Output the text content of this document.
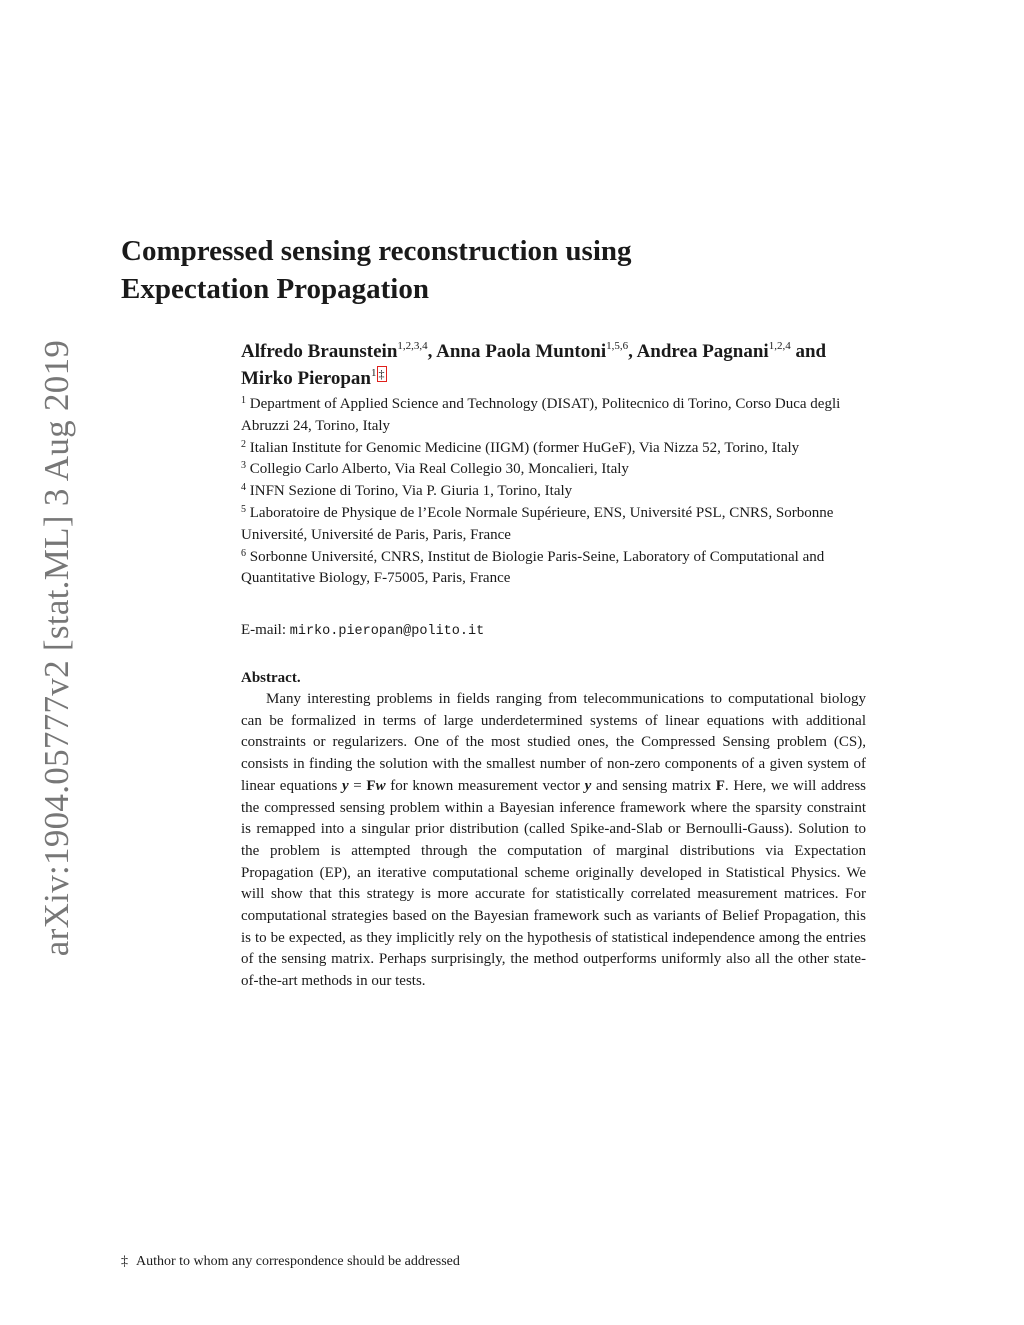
arXiv:1904.05777v2 [stat.ML] 3 Aug 2019
Compressed sensing reconstruction using
Expectation Propagation
Alfredo Braunstein$^{1,2,3,4}$, Anna Paola Muntoni$^{1,5,6}$, Andrea Pagnani$^{1,2,4}$ and Mirko Pieropan$^1$ ‡
$^1$ Department of Applied Science and Technology (DISAT), Politecnico di Torino, Corso Duca degli Abruzzi 24, Torino, Italy
$^2$ Italian Institute for Genomic Medicine (IIGM) (former HuGeF), Via Nizza 52, Torino, Italy
$^3$ Collegio Carlo Alberto, Via Real Collegio 30, Moncalieri, Italy
$^4$ INFN Sezione di Torino, Via P. Giuria 1, Torino, Italy
$^5$ Laboratoire de Physique de l’Ecole Normale Supérieure, ENS, Université PSL, CNRS, Sorbonne Université, Université de Paris, Paris, France
$^6$ Sorbonne Université, CNRS, Institut de Biologie Paris-Seine, Laboratory of Computational and Quantitative Biology, F-75005, Paris, France
E-mail: mirko.pieropan@polito.it
Abstract.

Many interesting problems in fields ranging from telecommunications to computational biology can be formalized in terms of large underdetermined systems of linear equations with additional constraints or regularizers. One of the most studied ones, the Compressed Sensing problem (CS), consists in finding the solution with the smallest number of non-zero components of a given system of linear equations y = Fw for known measurement vector y and sensing matrix F. Here, we will address the compressed sensing problem within a Bayesian inference framework where the sparsity constraint is remapped into a singular prior distribution (called Spike-and-Slab or Bernoulli-Gauss). Solution to the problem is attempted through the computation of marginal distributions via Expectation Propagation (EP), an iterative computational scheme originally developed in Statistical Physics. We will show that this strategy is more accurate for statistically correlated measurement matrices. For computational strategies based on the Bayesian framework such as variants of Belief Propagation, this is to be expected, as they implicitly rely on the hypothesis of statistical independence among the entries of the sensing matrix. Perhaps surprisingly, the method outperforms uniformly also all the other state-of-the-art methods in our tests.

‡ Author to whom any correspondence should be addressed
